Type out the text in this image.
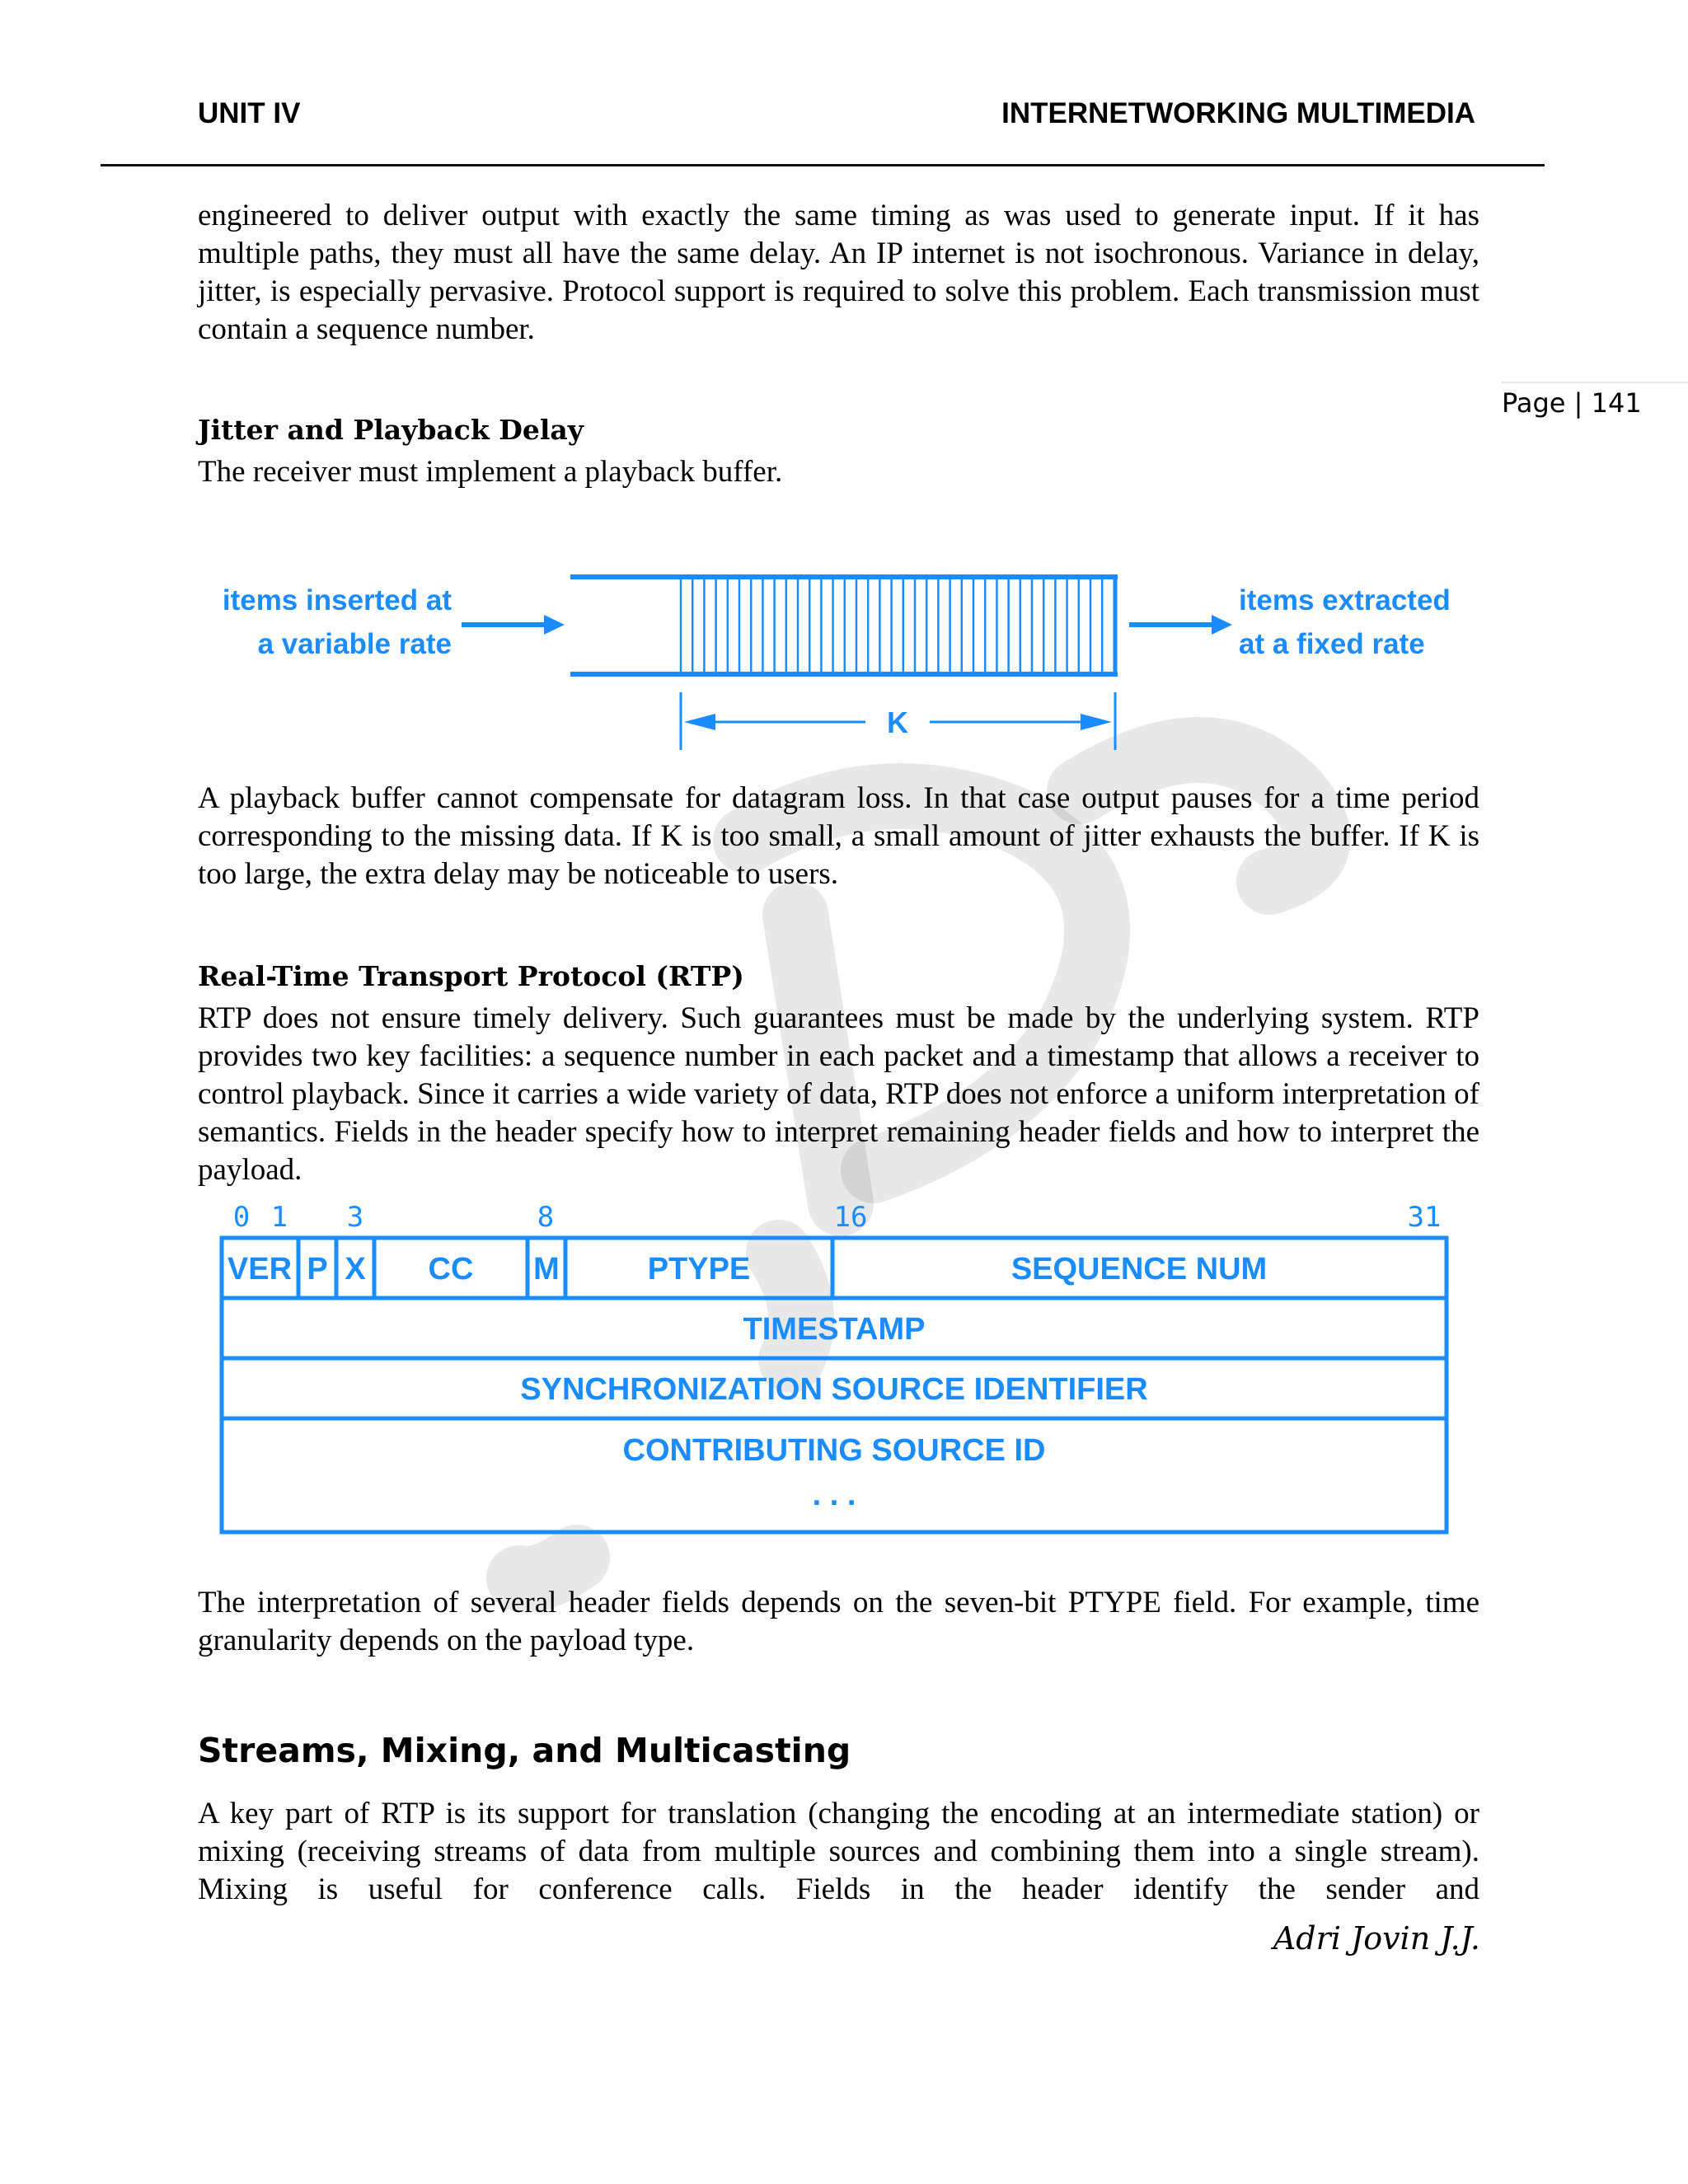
UNIT IV	INTERNETWORKING MULTIMEDIA
Page | 141

engineered to deliver output with exactly the same timing as was used to generate input. If it has multiple paths, they must all have the same delay. An IP internet is not isochronous. Variance in delay, jitter, is especially pervasive. Protocol support is required to solve this problem. Each transmission must contain a sequence number.

Jitter and Playback Delay
The receiver must implement a playback buffer.
items inserted at
a variable rate
items extracted
at a fixed rate
K

A playback buffer cannot compensate for datagram loss. In that case output pauses for a time period corresponding to the missing data. If K is too small, a small amount of jitter exhausts the buffer. If K is too large, the extra delay may be noticeable to users.

Real-Time Transport Protocol (RTP)

RTP does not ensure timely delivery. Such guarantees must be made by the underlying system. RTP provides two key facilities: a sequence number in each packet and a timestamp that allows a receiver to control playback. Since it carries a wide variety of data, RTP does not enforce a uniform interpretation of semantics. Fields in the header specify how to interpret remaining header fields and how to interpret the payload.

0 1 3	8	16	31
VER P X CC M	PTYPE	SEQUENCE NUM
TIMESTAMP
SYNCHRONIZATION SOURCE IDENTIFIER
CONTRIBUTING SOURCE ID
. . .

The interpretation of several header fields depends on the seven-bit PTYPE field. For example, time granularity depends on the payload type.

Streams, Mixing, and Multicasting

A key part of RTP is its support for translation (changing the encoding at an intermediate station) or mixing (receiving streams of data from multiple sources and combining them into a single stream). Mixing is useful for conference calls. Fields in the header identify the sender and

Adri Jovin J.J.
